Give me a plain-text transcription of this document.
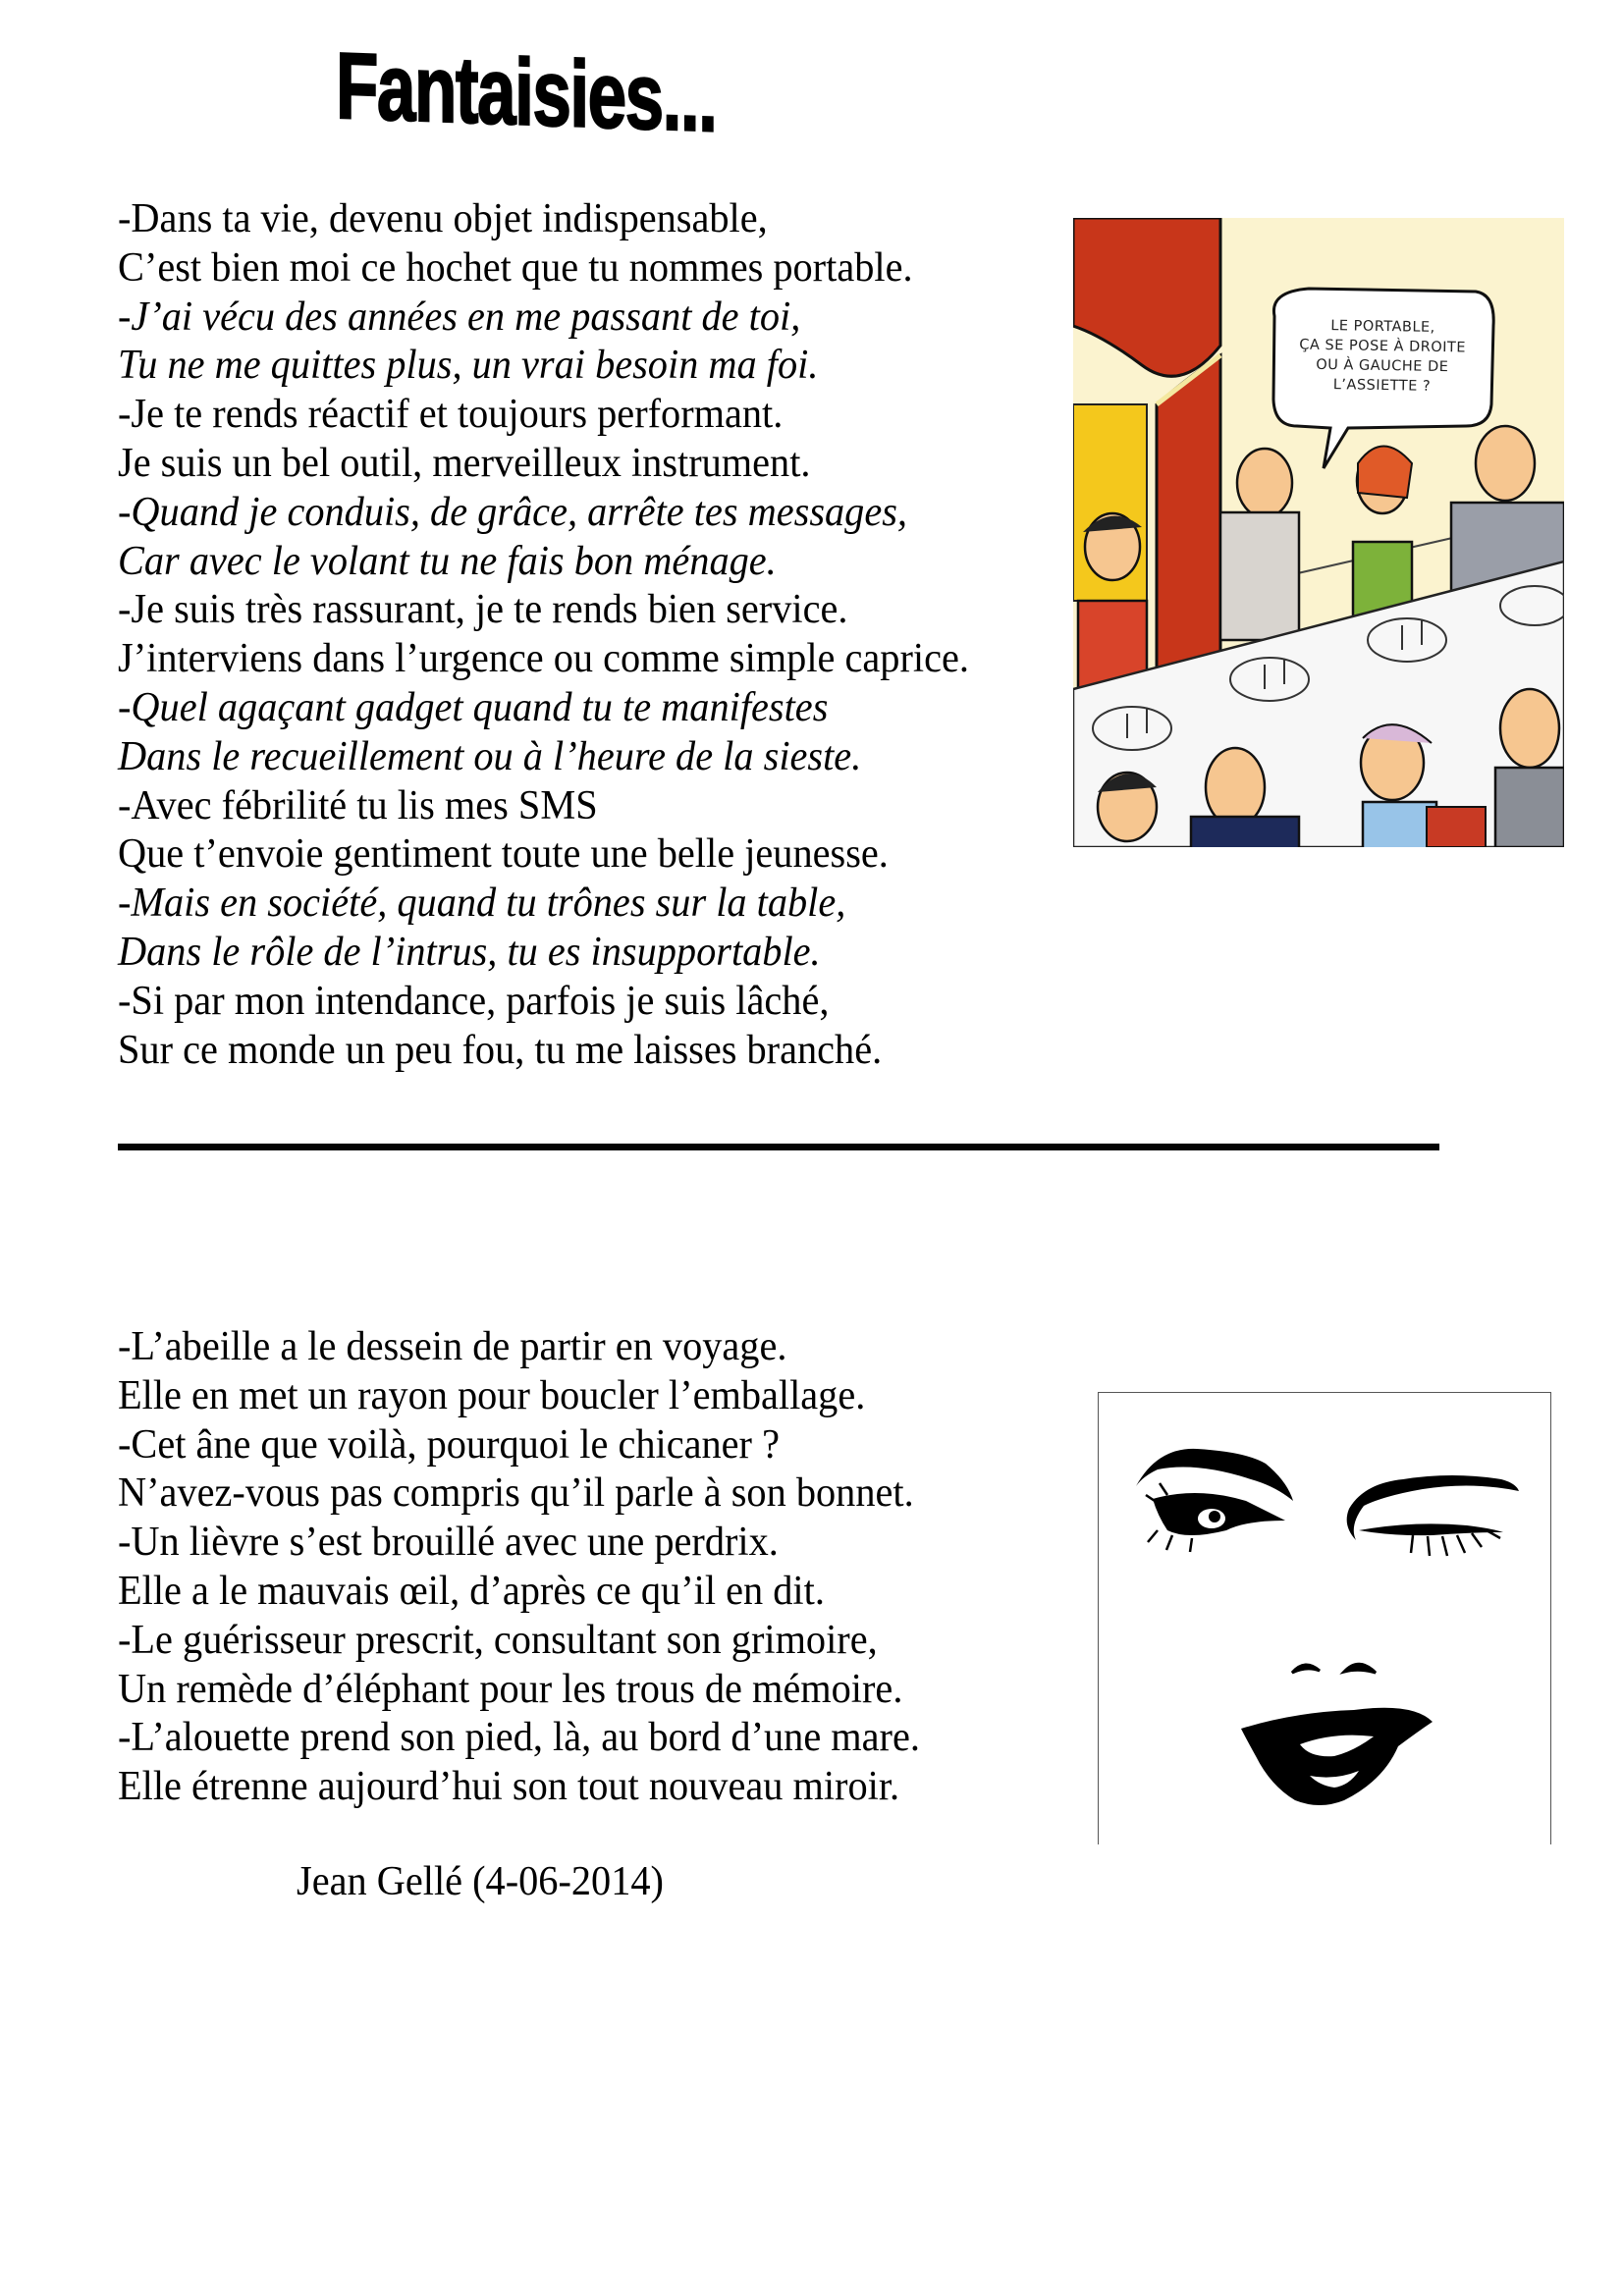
Fantaisies...
-Dans ta vie, devenu objet indispensable,
C’est bien moi ce hochet que tu nommes portable.
-J’ai vécu des années en me passant de toi,
Tu ne me quittes plus, un vrai besoin ma foi.
-Je te rends réactif et toujours performant.
Je suis un bel outil, merveilleux instrument.
-Quand je conduis, de grâce, arrête tes messages,
Car avec le volant tu ne fais bon ménage.
-Je suis très rassurant, je te rends bien service.
J’interviens dans l’urgence ou comme simple caprice.
-Quel agaçant gadget quand tu te manifestes
Dans le recueillement ou à l’heure de la sieste.
-Avec fébrilité tu lis mes SMS
Que t’envoie gentiment toute une belle jeunesse.
-Mais en société, quand tu trônes sur la table,
Dans le rôle de l’intrus, tu es insupportable.
-Si par mon intendance, parfois je suis lâché,
Sur ce monde un peu fou, tu me laisses branché.
LE PORTABLE,
ÇA SE POSE À DROITE
OU À GAUCHE DE
L’ASSIETTE ?
-L’abeille a le dessein de partir en voyage.
Elle en met un rayon pour boucler l’emballage.
-Cet âne que voilà, pourquoi le chicaner ?
N’avez-vous pas compris qu’il parle à son bonnet.
-Un lièvre s’est brouillé avec une perdrix.
Elle a le mauvais œil, d’après ce qu’il en dit.
-Le guérisseur prescrit, consultant son grimoire,
Un remède d’éléphant pour les trous de mémoire.
-L’alouette prend son pied, là, au bord d’une mare.
Elle étrenne aujourd’hui son tout nouveau miroir.
Jean Gellé (4-06-2014)
